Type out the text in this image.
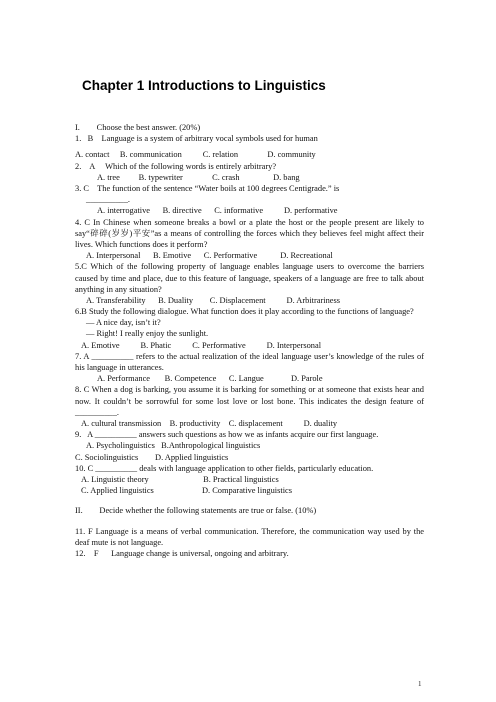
Chapter 1 Introductions to Linguistics
I.        Choose the best answer. (20%)
1.   B    Language is a system of arbitrary vocal symbols used for human
A. contact     B. communication          C. relation              D. community
2.    A     Which of the following words is entirely arbitrary?
A. tree         B. typewriter              C. crash                D. bang
3. C    The function of the sentence “Water boils at 100 degrees Centigrade.” is
__________.
A. interrogative      B. directive      C. informative          D. performative
4. C In Chinese when someone breaks a bowl or a plate the host or the people present are likely to say“碎碎(岁岁)平安”as a means of controlling the forces which they believes feel might affect their lives. Which functions does it perform?
A. Interpersonal      B. Emotive      C. Performative           D. Recreational
5.C Which of the following property of language enables language users to overcome the barriers caused by time and place, due to this feature of language, speakers of a language are free to talk about anything in any situation?
A. Transferability      B. Duality        C. Displacement          D. Arbitrariness
6.B Study the following dialogue. What function does it play according to the functions of language?
— A nice day, isn’t it?
— Right! I really enjoy the sunlight.
A. Emotive          B. Phatic          C. Performative          D. Interpersonal
7. A __________ refers to the actual realization of the ideal language user’s knowledge of the rules of his language in utterances.
A. Performance       B. Competence      C. Langue             D. Parole
8. C When a dog is barking, you assume it is barking for something or at someone that exists hear and now. It couldn’t be sorrowful for some lost love or lost bone. This indicates the design feature of __________.
A. cultural transmission    B. productivity    C. displacement          D. duality
9.   A __________ answers such questions as how we as infants acquire our first language.
A. Psycholinguistics   B.Anthropological linguistics
C. Sociolinguistics        D. Applied linguistics
10. C __________ deals with language application to other fields, particularly education.
A. Linguistic theory                          B. Practical linguistics
C. Applied linguistics                       D. Comparative linguistics
II.        Decide whether the following statements are true or false. (10%)
11. F Language is a means of verbal communication. Therefore, the communication way used by the deaf mute is not language.
12.    F      Language change is universal, ongoing and arbitrary.
1
